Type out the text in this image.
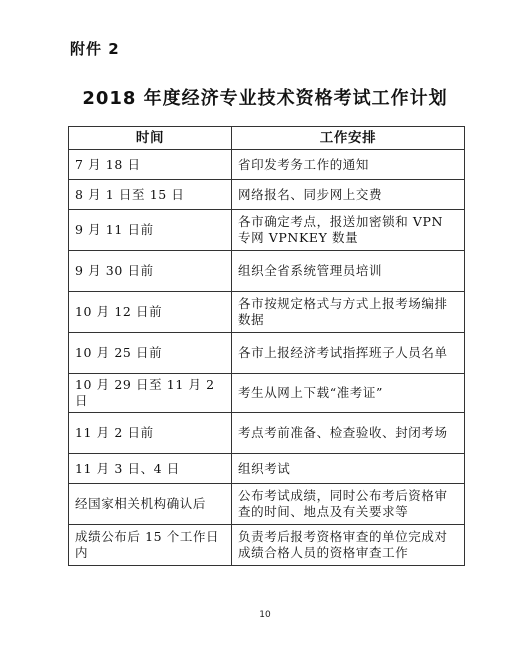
附件 2
2018 年度经济专业技术资格考试工作计划
时间	工作安排
7 月 18 日	省印发考务工作的通知
8 月 1 日至 15 日	网络报名、同步网上交费
9 月 11 日前	各市确定考点，报送加密锁和 VPN 专网 VPNKEY 数量
9 月 30 日前	组织全省系统管理员培训
10 月 12 日前	各市按规定格式与方式上报考场编排数据
10 月 25 日前	各市上报经济考试指挥班子人员名单
10 月 29 日至 11 月 2 日	考生从网上下载“准考证”
11 月 2 日前	考点考前准备、检查验收、封闭考场
11 月 3 日、4 日	组织考试
经国家相关机构确认后	公布考试成绩，同时公布考后资格审查的时间、地点及有关要求等
成绩公布后 15 个工作日内	负责考后报考资格审查的单位完成对成绩合格人员的资格审查工作
10
